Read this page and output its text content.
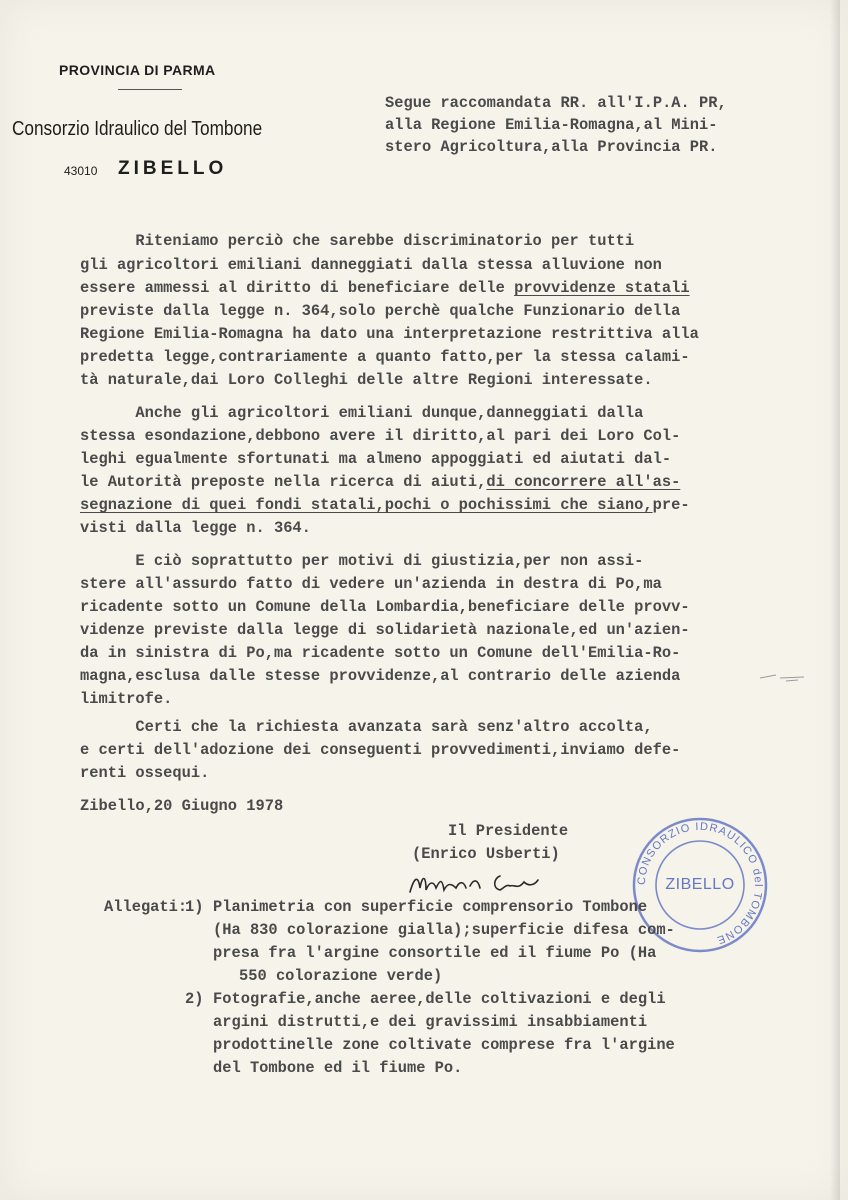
PROVINCIA DI PARMA
Consorzio Idraulico del Tombone
43010 ZIBELLO
Segue raccomandata RR. all'I.P.A. PR,
alla Regione Emilia-Romagna,al Mini-
stero Agricoltura,alla Provincia PR.
Riteniamo perciò che sarebbe discriminatorio per tutti
gli agricoltori emiliani danneggiati dalla stessa alluvione non
essere ammessi al diritto di beneficiare delle provvidenze statali
previste dalla legge n. 364,solo perchè qualche Funzionario della
Regione Emilia-Romagna ha dato una interpretazione restrittiva alla
predetta legge,contrariamente a quanto fatto,per la stessa calami-
tà naturale,dai Loro Colleghi delle altre Regioni interessate.
Anche gli agricoltori emiliani dunque,danneggiati dalla
stessa esondazione,debbono avere il diritto,al pari dei Loro Col-
leghi egualmente sfortunati ma almeno appoggiati ed aiutati dal-
le Autorità preposte nella ricerca di aiuti,di concorrere all'as-
segnazione di quei fondi statali,pochi o pochissimi che siano,pre-
visti dalla legge n. 364.
E ciò soprattutto per motivi di giustizia,per non assi-
stere all'assurdo fatto di vedere un'azienda in destra di Po,ma
ricadente sotto un Comune della Lombardia,beneficiare delle provv-
videnze previste dalla legge di solidarietà nazionale,ed un'azien-
da in sinistra di Po,ma ricadente sotto un Comune dell'Emilia-Ro-
magna,esclusa dalle stesse provvidenze,al contrario delle azienda
limitrofe.
Certi che la richiesta avanzata sarà senz'altro accolta,
e certi dell'adozione dei conseguenti provvedimenti,inviamo defe-
renti ossequi.
Zibello,20 Giugno 1978
Il Presidente
(Enrico Usberti)
CONSORZIO IDRAULICO del TOMBONE
ZIBELLO
Allegati:
1) Planimetria con superficie comprensorio Tombone
(Ha 830 colorazione gialla);superficie difesa com-
presa fra l'argine consortile ed il fiume Po (Ha
550 colorazione verde)
2) Fotografie,anche aeree,delle coltivazioni e degli
argini distrutti,e dei gravissimi insabbiamenti
prodottinelle zone coltivate comprese fra l'argine
del Tombone ed il fiume Po.
